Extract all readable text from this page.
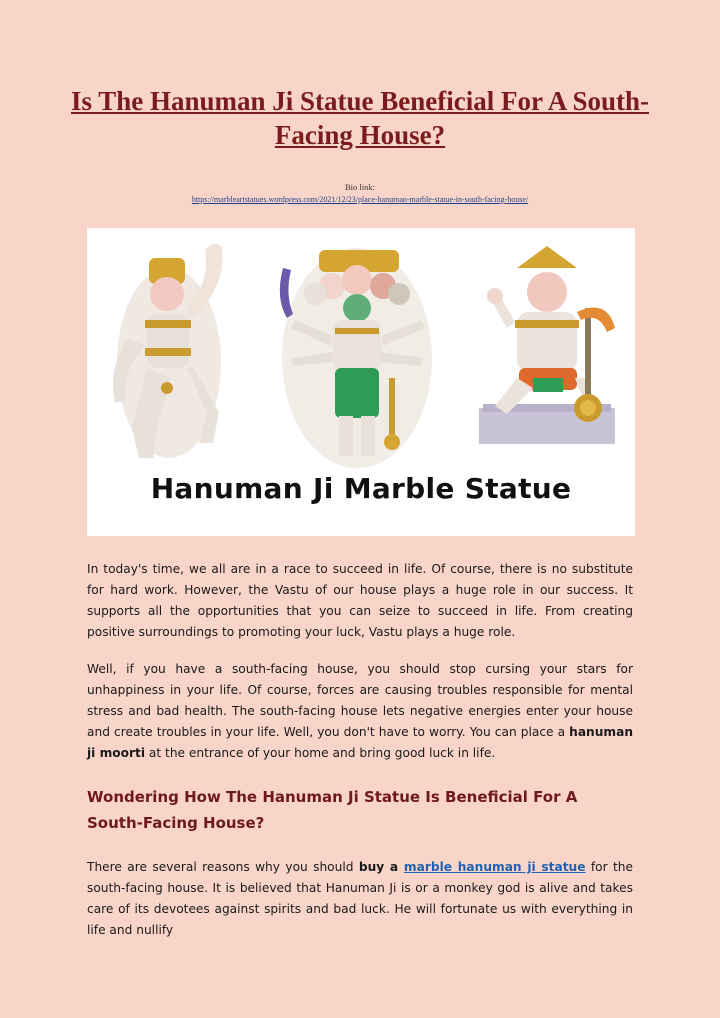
Is The Hanuman Ji Statue Beneficial For A South-Facing House?
Bio link:
https://marbleartstatues.wordpress.com/2021/12/23/place-hanuman-marble-statue-in-south-facing-house/
Hanuman Ji Marble Statue
In today's time, we all are in a race to succeed in life. Of course, there is no substitute for hard work. However, the Vastu of our house plays a huge role in our success. It supports all the opportunities that you can seize to succeed in life. From creating positive surroundings to promoting your luck, Vastu plays a huge role.
Well, if you have a south-facing house, you should stop cursing your stars for unhappiness in your life. Of course, forces are causing troubles responsible for mental stress and bad health. The south-facing house lets negative energies enter your house and create troubles in your life. Well, you don't have to worry. You can place a hanuman ji moorti at the entrance of your home and bring good luck in life.
Wondering How The Hanuman Ji Statue Is Beneficial For A South-Facing House?
There are several reasons why you should buy a marble hanuman ji statue for the south-facing house. It is believed that Hanuman Ji is or a monkey god is alive and takes care of its devotees against spirits and bad luck. He will fortunate us with everything in life and nullify
